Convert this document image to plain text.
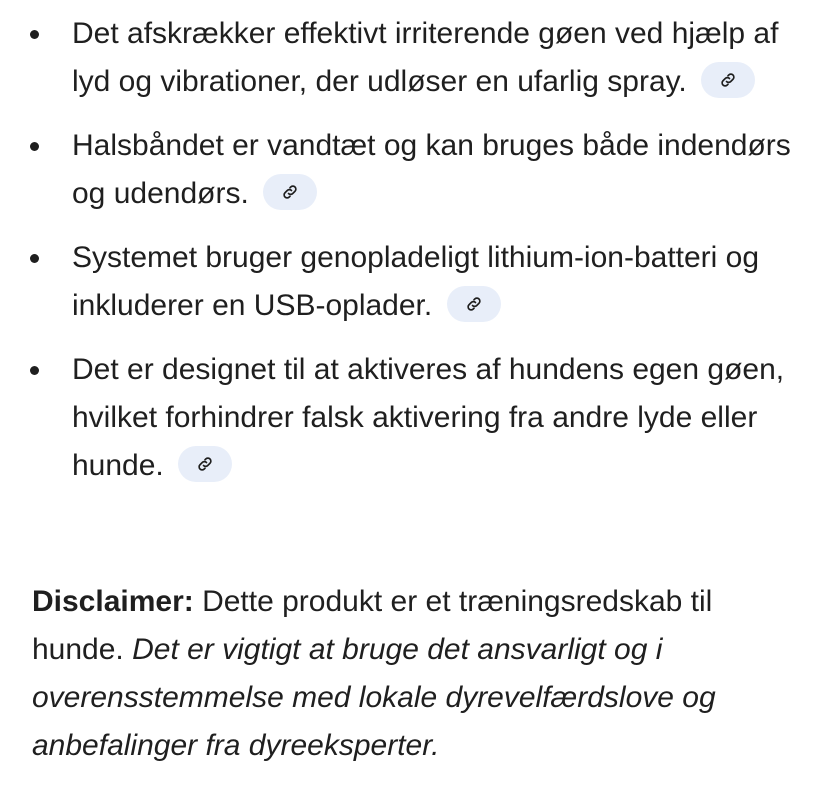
Det afskrækker effektivt irriterende gøen ved hjælp af lyd og vibrationer, der udløser en ufarlig spray.
Halsbåndet er vandtæt og kan bruges både indendørs og udendørs.
Systemet bruger genopladeligt lithium-ion-batteri og inkluderer en USB-oplader.
Det er designet til at aktiveres af hundens egen gøen, hvilket forhindrer falsk aktivering fra andre lyde eller hunde.

Disclaimer: Dette produkt er et træningsredskab til hunde. Det er vigtigt at bruge det ansvarligt og i overensstemmelse med lokale dyrevelfærdslove og anbefalinger fra dyreeksperter.
